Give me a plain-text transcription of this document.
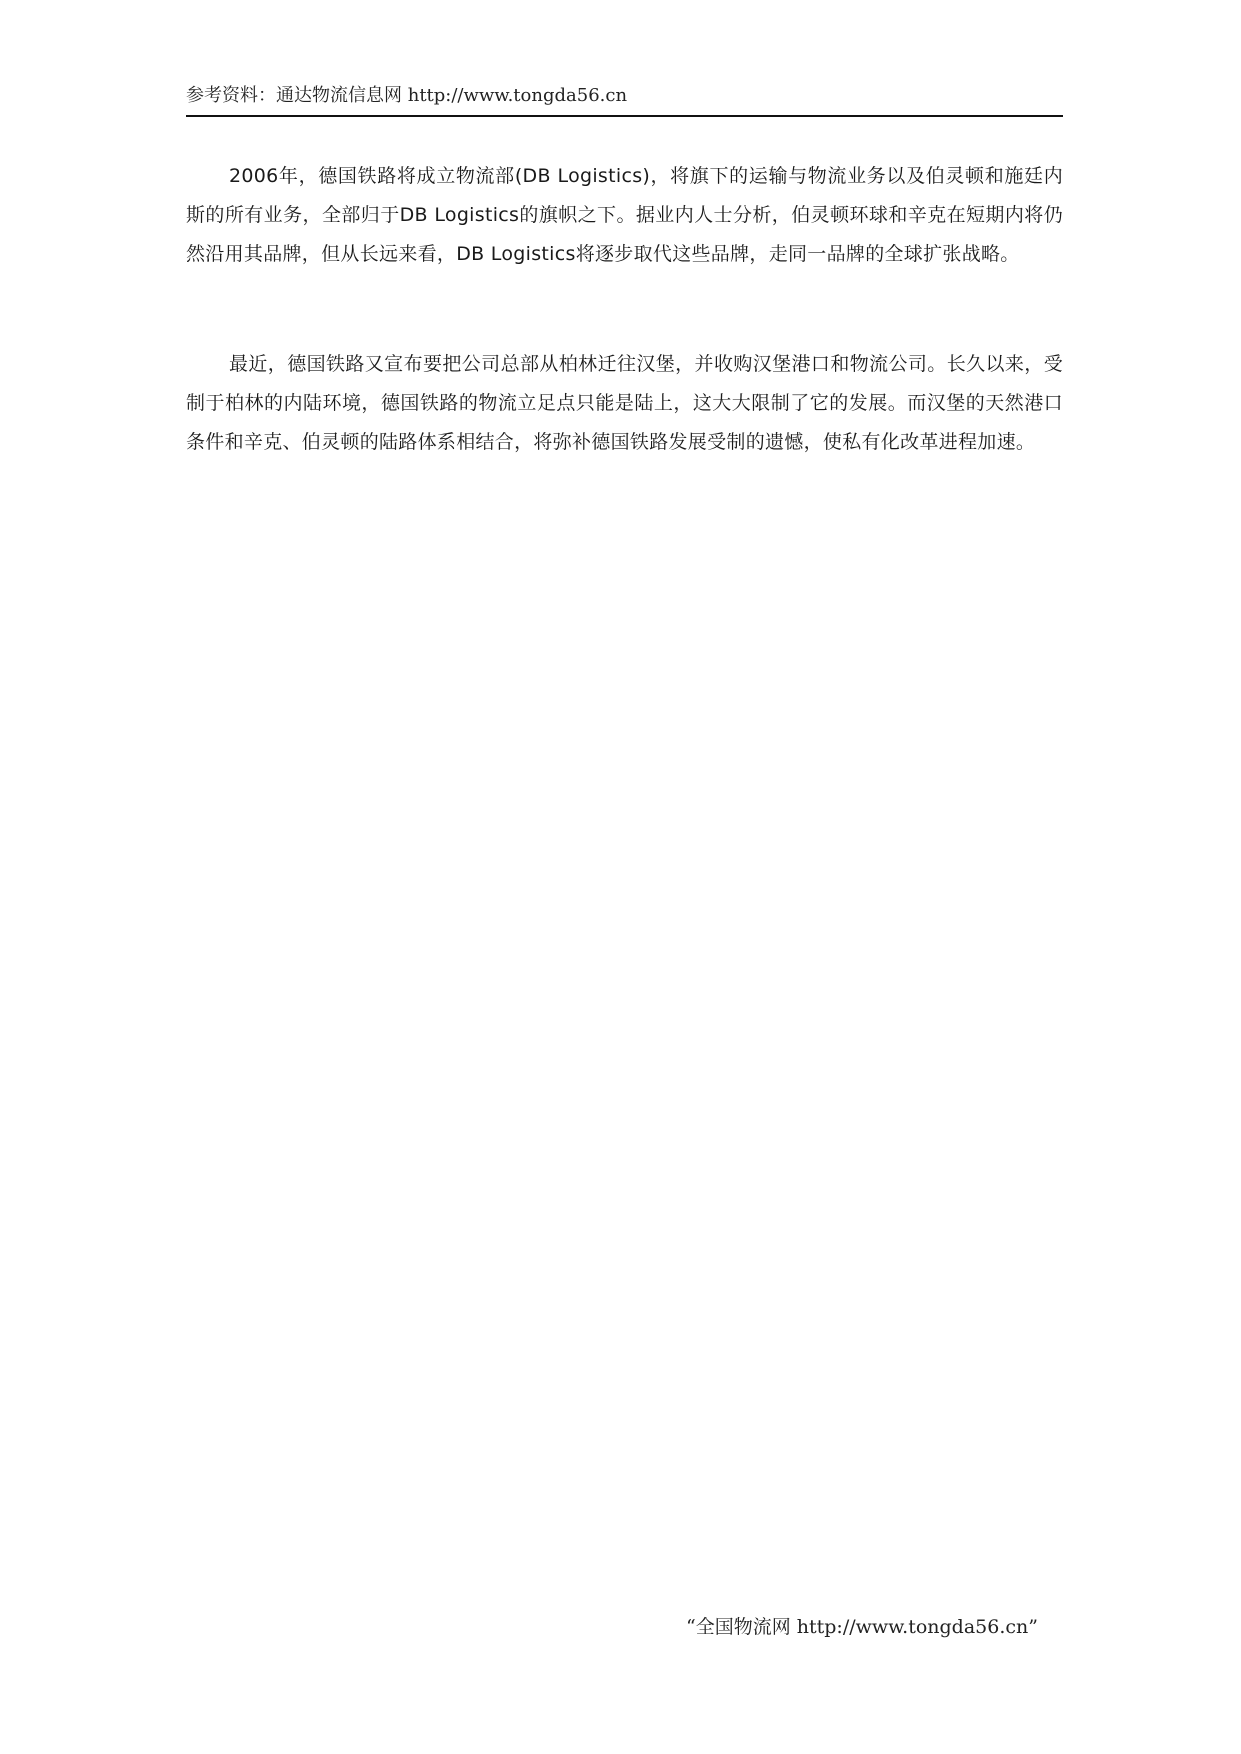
参考资料：通达物流信息网 http://www.tongda56.cn
2006年，德国铁路将成立物流部(DB Logistics)，将旗下的运输与物流业务以及伯灵顿和施廷内斯的所有业务，全部归于DB Logistics的旗帜之下。据业内人士分析，伯灵顿环球和辛克在短期内将仍然沿用其品牌，但从长远来看，DB Logistics将逐步取代这些品牌，走同一品牌的全球扩张战略。
最近，德国铁路又宣布要把公司总部从柏林迁往汉堡，并收购汉堡港口和物流公司。长久以来，受制于柏林的内陆环境，德国铁路的物流立足点只能是陆上，这大大限制了它的发展。而汉堡的天然港口条件和辛克、伯灵顿的陆路体系相结合，将弥补德国铁路发展受制的遗憾，使私有化改革进程加速。
“全国物流网 http://www.tongda56.cn”
